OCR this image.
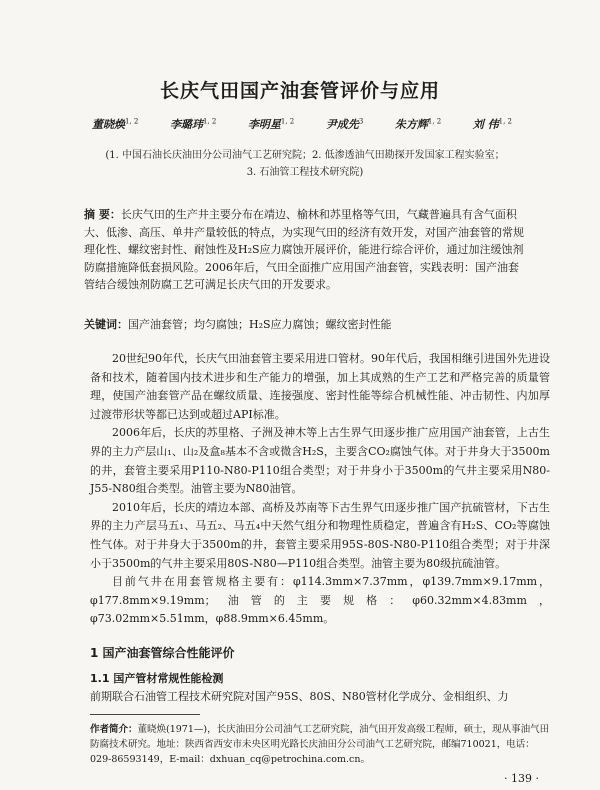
长庆气田国产油套管评价与应用
董晓焕$^{1, 2}$	李璐玮$^{1, 2}$	李明星$^{1, 2}$	尹成先$^3$	朱方辉$^{1, 2}$	刘 伟$^{1, 2}$
(1. 中国石油长庆油田分公司油气工艺研究院；2. 低渗透油气田勘探开发国家工程实验室；
3. 石油管工程技术研究院)
摘 要：长庆气田的生产井主要分布在靖边、榆林和苏里格等气田，气藏普遍具有含气面积大、低渗、高压、单井产量较低的特点，为实现气田的经济有效开发，对国产油套管的常规理化性、螺纹密封性、耐蚀性及H₂S应力腐蚀开展评价，能进行综合评价，通过加注缓蚀剂防腐措施降低套损风险。2006年后，气田全面推广应用国产油套管，实践表明：国产油套管结合缓蚀剂防腐工艺可满足长庆气田的开发要求。
关键词：国产油套管；均匀腐蚀；H₂S应力腐蚀；螺纹密封性能

20世纪90年代，长庆气田油套管主要采用进口管材。90年代后，我国相继引进国外先进设备和技术，随着国内技术进步和生产能力的增强，加上其成熟的生产工艺和严格完善的质量管理，使国产油套管产品在螺纹质量、连接强度、密封性能等综合机械性能、冲击韧性、内加厚过渡带形状等都已达到或超过API标准。

2006年后，长庆的苏里格、子洲及神木等上古生界气田逐步推广应用国产油套管，上古生界的主力产层山₁、山₂及盒₈基本不含或微含H₂S，主要含CO₂腐蚀气体。对于井身大于3500m的井，套管主要采用P110-N80-P110组合类型；对于井身小于3500m的气井主要采用N80-J55-N80组合类型。油管主要为N80油管。

2010年后，长庆的靖边本部、高桥及苏南等下古生界气田逐步推广国产抗硫管材，下古生界的主力产层马五₁、马五₂、马五₄中天然气组分和物理性质稳定，普遍含有H₂S、CO₂等腐蚀性气体。对于井身大于3500m的井，套管主要采用95S-80S-N80-P110组合类型；对于井深小于3500m的气井主要采用80S-N80—P110组合类型。油管主要为80级抗硫油管。

目前气井在用套管规格主要有：φ114.3mm×7.37mm，φ139.7mm×9.17mm，φ177.8mm×9.19mm；油管的主要规格：φ60.32mm×4.83mm，φ73.02mm×5.51mm，φ88.9mm×6.45mm。

1 国产油套管综合性能评价
1.1 国产管材常规性能检测
前期联合石油管工程技术研究院对国产95S、80S、N80管材化学成分、金相组织、力
作者简介：董晓焕(1971—)，长庆油田分公司油气工艺研究院，油气田开发高级工程师，硕士，现从事油气田防腐技术研究。地址：陕西省西安市未央区明光路长庆油田分公司油气工艺研究院，邮编710021，电话：029-86593149，E-mail：dxhuan_cq@petrochina.com.cn。
· 139 ·
